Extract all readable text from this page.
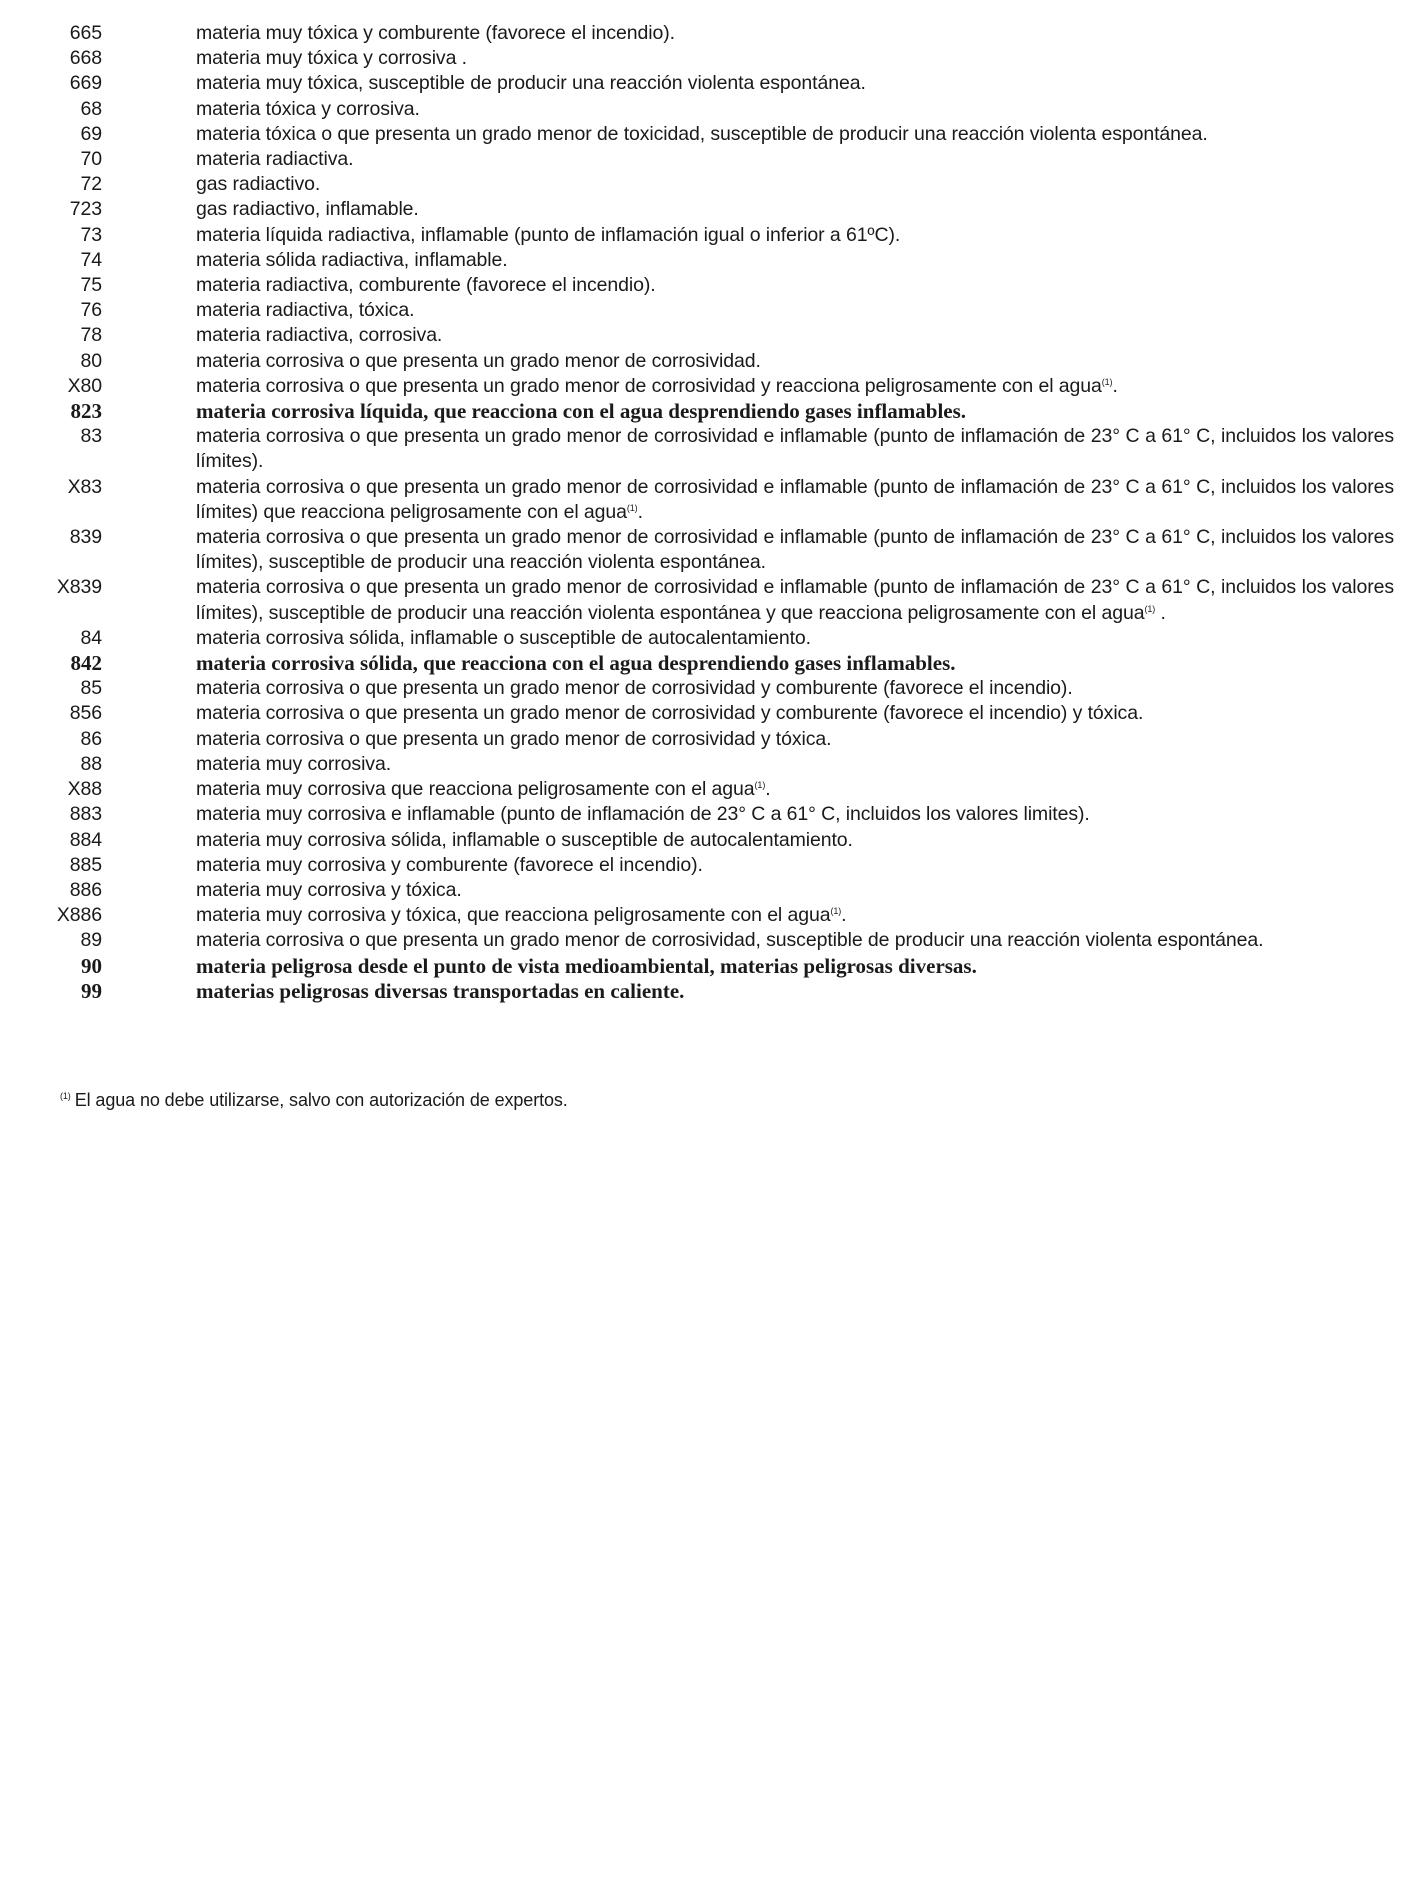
665	materia muy tóxica y comburente (favorece el incendio).
668	materia muy tóxica y corrosiva .
669	materia muy tóxica, susceptible de producir una reacción violenta espontánea.
68	materia tóxica y corrosiva.
69	materia tóxica o que presenta un grado menor de toxicidad, susceptible de producir una reacción violenta espontánea.
70	materia radiactiva.
72	gas radiactivo.
723	gas radiactivo, inflamable.
73	materia líquida radiactiva, inflamable (punto de inflamación igual o inferior a 61ºC).
74	materia sólida radiactiva, inflamable.
75	materia radiactiva, comburente (favorece el incendio).
76	materia radiactiva, tóxica.
78	materia radiactiva, corrosiva.
80	materia corrosiva o que presenta un grado menor de corrosividad.
X80	materia corrosiva o que presenta un grado menor de corrosividad y reacciona peligrosamente con el agua$^{(1)}$.
823	materia corrosiva líquida, que reacciona con el agua desprendiendo gases inflamables.
83	materia corrosiva o que presenta un grado menor de corrosividad e inflamable (punto de inflamación de 23° C a 61° C, incluidos los valores límites).
X83	materia corrosiva o que presenta un grado menor de corrosividad e inflamable (punto de inflamación de 23° C a 61° C, incluidos los valores límites) que reacciona peligrosamente con el agua$^{(1)}$.
839	materia corrosiva o que presenta un grado menor de corrosividad e inflamable (punto de inflamación de 23° C a 61° C, incluidos los valores límites), susceptible de producir una reacción violenta espontánea.
X839	materia corrosiva o que presenta un grado menor de corrosividad e inflamable (punto de inflamación de 23° C a 61° C, incluidos los valores límites), susceptible de producir una reacción violenta espontánea y que reacciona peligrosamente con el agua$^{(1)}$ .
84	materia corrosiva sólida, inflamable o susceptible de autocalentamiento.
842	materia corrosiva sólida, que reacciona con el agua desprendiendo gases inflamables.
85	materia corrosiva o que presenta un grado menor de corrosividad y comburente (favorece el incendio).
856	materia corrosiva o que presenta un grado menor de corrosividad y comburente (favorece el incendio) y tóxica.
86	materia corrosiva o que presenta un grado menor de corrosividad y tóxica.
88	materia muy corrosiva.
X88	materia muy corrosiva que reacciona peligrosamente con el agua$^{(1)}$.
883	materia muy corrosiva e inflamable (punto de inflamación de 23° C a 61° C, incluidos los valores limites).
884	materia muy corrosiva sólida, inflamable o susceptible de autocalentamiento.
885	materia muy corrosiva y comburente (favorece el incendio).
886	materia muy corrosiva y tóxica.
X886	materia muy corrosiva y tóxica, que reacciona peligrosamente con el agua$^{(1)}$.
89	materia corrosiva o que presenta un grado menor de corrosividad, susceptible de producir una reacción violenta espontánea.
90	materia peligrosa desde el punto de vista medioambiental, materias peligrosas diversas.
99	materias peligrosas diversas transportadas en caliente.
$^{(1)}$ El agua no debe utilizarse, salvo con autorización de expertos.
